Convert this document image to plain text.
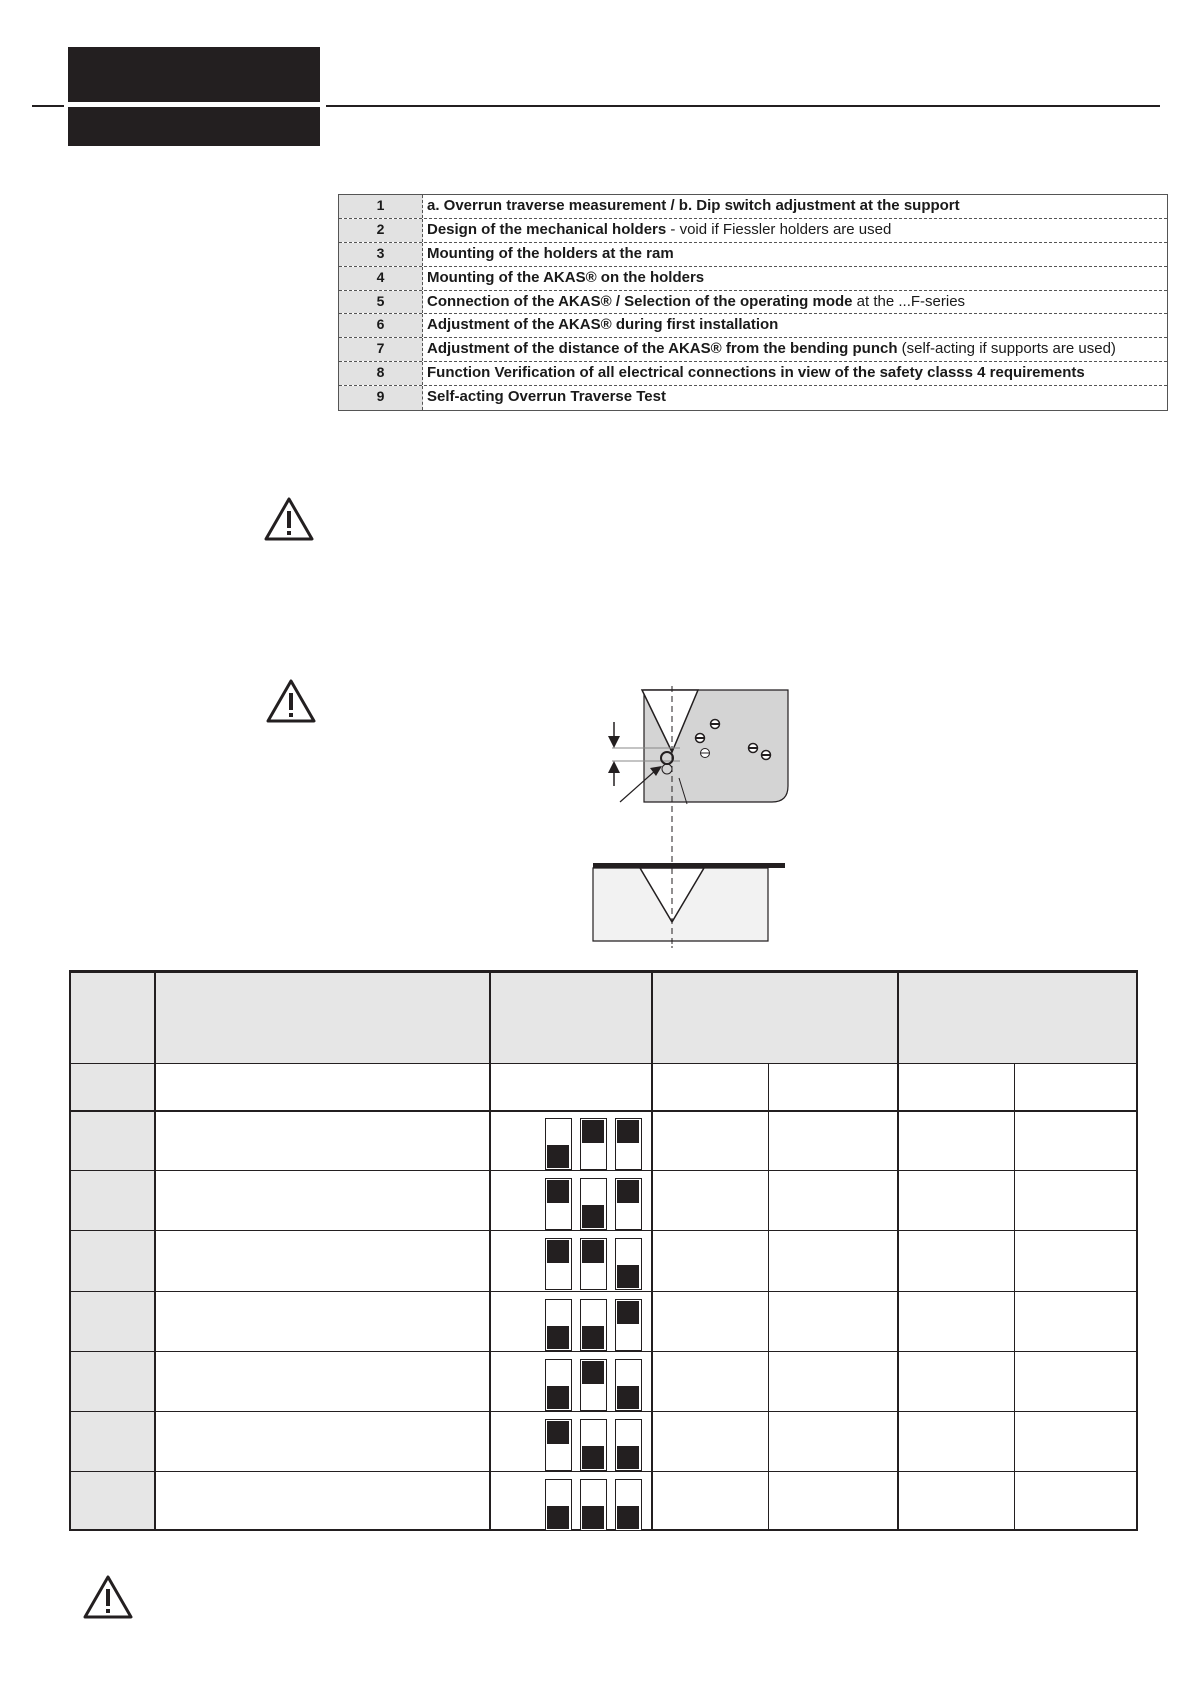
1	a. Overrun traverse measurement / b. Dip switch adjustment at the support
2	Design of the mechanical holders - void if Fiessler holders are used
3	Mounting of the holders at the ram
4	Mounting of the AKAS® on the holders
5	Connection of the AKAS® / Selection of the operating mode at the ...F-series
6	Adjustment of the AKAS® during first installation
7	Adjustment of the distance of the AKAS® from the bending punch (self-acting if supports are used)
8	Function Verification of all electrical connections in view of the safety classs 4 requirements
9	Self-acting Overrun Traverse Test
